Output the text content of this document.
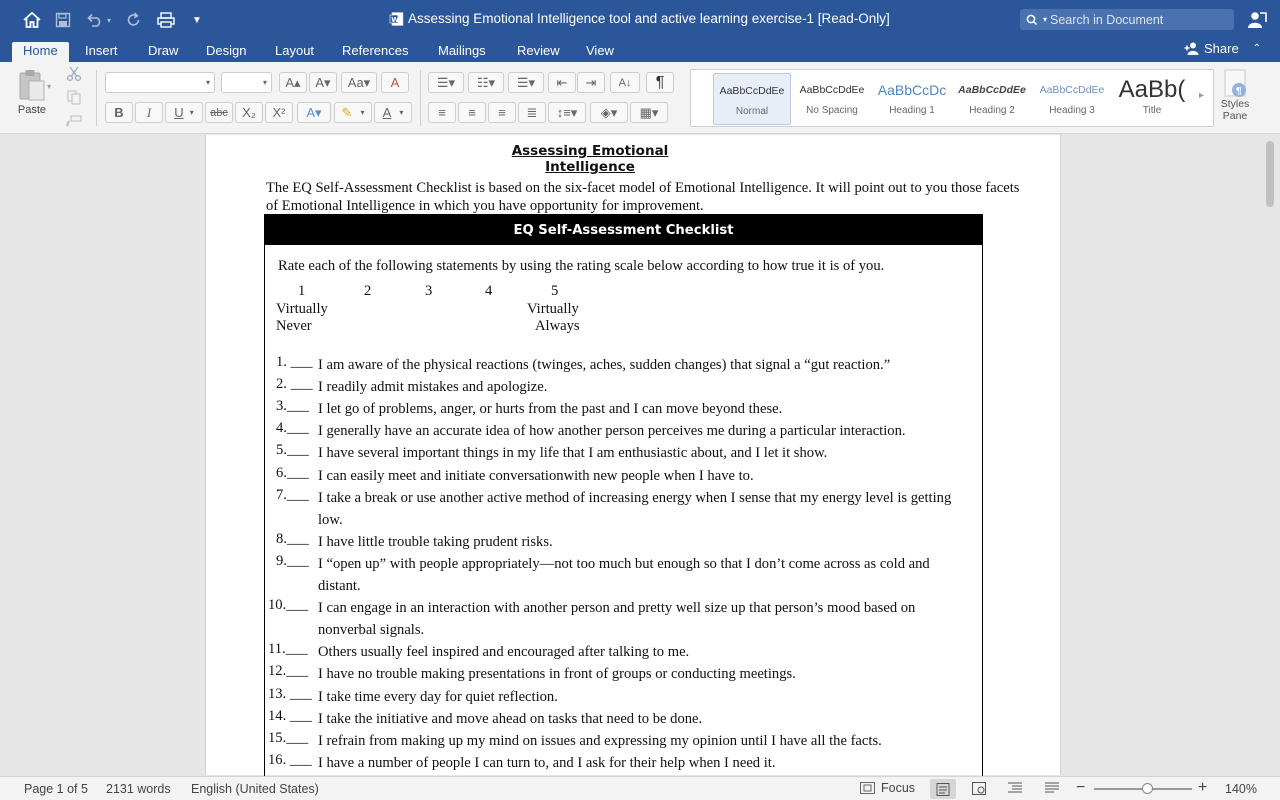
▾	▼	W Assessing Emotional Intelligence tool and active learning exercise-1 [Read-Only]	▾
Search in Document
Home	Insert	Draw	Design	Layout	References	Mailings	Review	View	Share ⌃
Paste
▾	▾	▾ A▴ A▾ Aa▾ A
B I U ▾ abc X₂ X² A▾ ✎ ▾ A ▾
☰▾ ☷▾ ☰▾ ⇤ ⇥ A↓ ¶
≡ ≡ ≡ ≣ ↕≡▾ ◈▾ ▦▾
AaBbCcDdEe
Normal
AaBbCcDdEe
No Spacing
AaBbCcDc
Heading 1
AaBbCcDdEe
Heading 2
AaBbCcDdEe
Heading 3
AaBb(
Title
▸	¶
Styles Pane
Assessing Emotional Intelligence
The EQ Self-Assessment Checklist is based on the six-facet model of Emotional Intelligence. It will point out to you those facets of Emotional Intelligence in which you have opportunity for improvement.
EQ Self-Assessment Checklist
Rate each of the following statements by using the rating scale below according to how true it is of you.
1	2	3	4	5
Virtually
Never
Virtually
Always
1. ___ I am aware of the physical reactions (twinges, aches, sudden changes) that signal a “gut reaction.”
2. ___ I readily admit mistakes and apologize.
3.___ I let go of problems, anger, or hurts from the past and I can move beyond these.
4.___ I generally have an accurate idea of how another person perceives me during a particular interaction.
5.___ I have several important things in my life that I am enthusiastic about, and I let it show.
6.___ I can easily meet and initiate conversationwith new people when I have to.
7.___ I take a break or use another active method of increasing energy when I sense that my energy level is getting low.
8.___ I have little trouble taking prudent risks.
9.___ I “open up” with people appropriately—not too much but enough so that I don’t come across as cold and distant.
10.___ I can engage in an interaction with another person and pretty well size up that person’s mood based on nonverbal signals.
11.___ Others usually feel inspired and encouraged after talking to me.
12.___ I have no trouble making presentations in front of groups or conducting meetings.
13. ___ I take time every day for quiet reflection.
14. ___ I take the initiative and move ahead on tasks that need to be done.
15.___ I refrain from making up my mind on issues and expressing my opinion until I have all the facts.
16. ___ I have a number of people I can turn to, and I ask for their help when I need it.
Page 1 of 5 2131 words English (United States)	Focus	−	+ 140%
